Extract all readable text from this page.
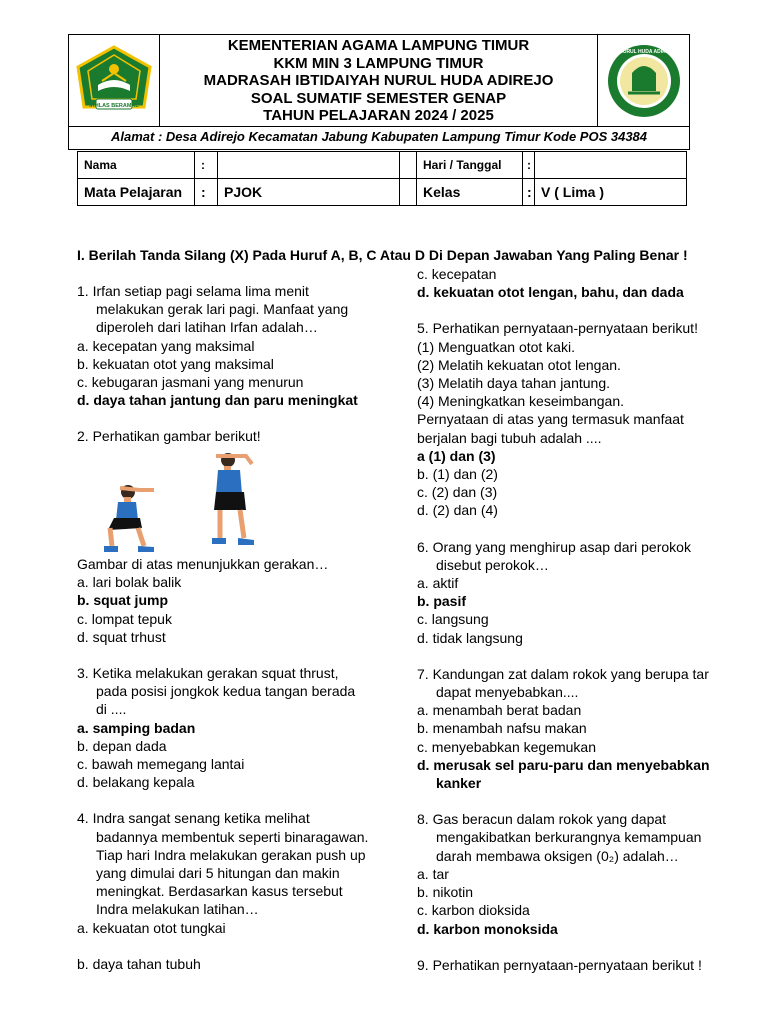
IKHLAS BERAMAL
KEMENTERIAN AGAMA LAMPUNG TIMUR
KKM MIN 3 LAMPUNG TIMUR
MADRASAH IBTIDAIYAH NURUL HUDA ADIREJO
SOAL SUMATIF SEMESTER GENAP
TAHUN PELAJARAN 2024 / 2025
MI NURUL HUDA ADIREJO
Alamat : Desa Adirejo Kecamatan Jabung Kabupaten Lampung Timur Kode POS 34384
Nama	:			Hari / Tanggal	:	
Mata Pelajaran	:	PJOK		Kelas	:	V ( Lima )
I. Berilah Tanda Silang (X) Pada Huruf A, B, C Atau D Di Depan Jawaban Yang Paling Benar !
1. Irfan setiap pagi selama lima menit
melakukan gerak lari pagi. Manfaat yang
diperoleh dari latihan Irfan adalah…
a. kecepatan yang maksimal
b. kekuatan otot yang maksimal
c. kebugaran jasmani yang menurun
d. daya tahan jantung dan paru meningkat
2. Perhatikan gambar berikut!
Gambar di atas menunjukkan gerakan…
a. lari bolak balik
b. squat jump
c. lompat tepuk
d. squat trhust
3. Ketika melakukan gerakan squat thrust,
pada posisi jongkok kedua tangan berada
di ....
a. samping badan
b. depan dada
c. bawah memegang lantai
d. belakang kepala
4. Indra sangat senang ketika melihat
badannya membentuk seperti binaragawan.
Tiap hari Indra melakukan gerakan push up
yang dimulai dari 5 hitungan dan makin
meningkat. Berdasarkan kasus tersebut
Indra melakukan latihan…
a. kekuatan otot tungkai
b. daya tahan tubuh
c. kecepatan
d. kekuatan otot lengan, bahu, dan dada
5. Perhatikan pernyataan-pernyataan berikut!
(1) Menguatkan otot kaki.
(2) Melatih kekuatan otot lengan.
(3) Melatih daya tahan jantung.
(4) Meningkatkan keseimbangan.
Pernyataan di atas yang termasuk manfaat
berjalan bagi tubuh adalah ....
a (1) dan (3)
b. (1) dan (2)
c. (2) dan (3)
d. (2) dan (4)
6. Orang yang menghirup asap dari perokok
disebut perokok…
a. aktif
b. pasif
c. langsung
d. tidak langsung
7. Kandungan zat dalam rokok yang berupa tar
dapat menyebabkan....
a. menambah berat badan
b. menambah nafsu makan
c. menyebabkan kegemukan
d. merusak sel paru-paru dan menyebabkan
kanker
8. Gas beracun dalam rokok yang dapat
mengakibatkan berkurangnya kemampuan
darah membawa oksigen (0₂) adalah…
a. tar
b. nikotin
c. karbon dioksida
d. karbon monoksida
9. Perhatikan pernyataan-pernyataan berikut !
